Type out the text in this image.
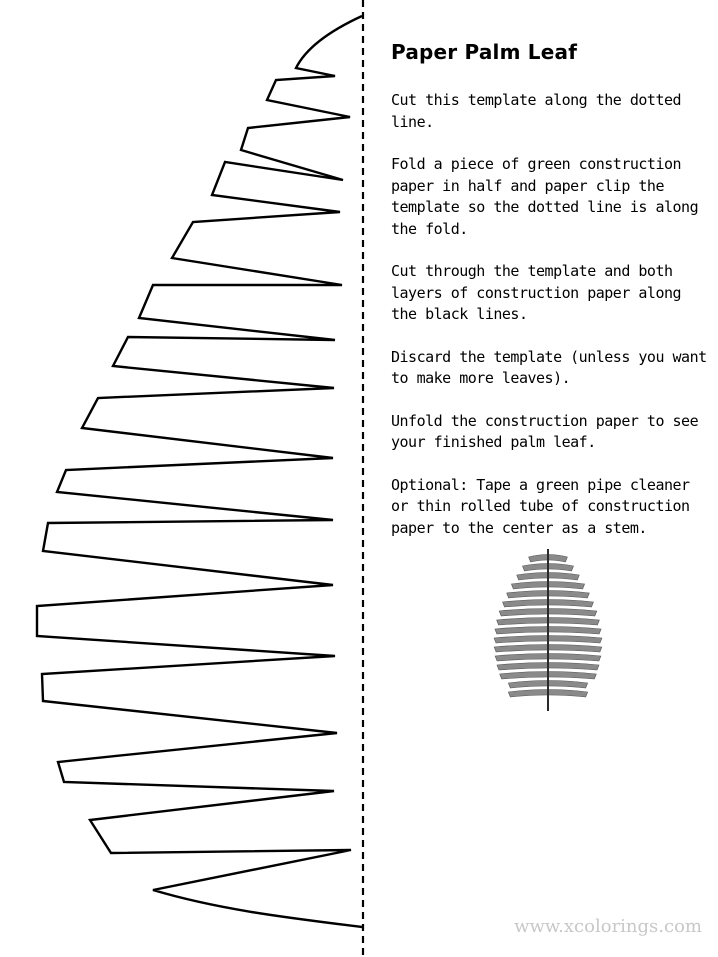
Paper Palm Leaf

Cut this template along the dotted line.

Fold a piece of green construction paper in half and paper clip the template so the dotted line is along the fold.

Cut through the template and both layers of construction paper along the black lines.

Discard the template (unless you want to make more leaves).

Unfold the construction paper to see your finished palm leaf.

Optional: Tape a green pipe cleaner or thin rolled tube of construction paper to the center as a stem.

www.xcolorings.com
